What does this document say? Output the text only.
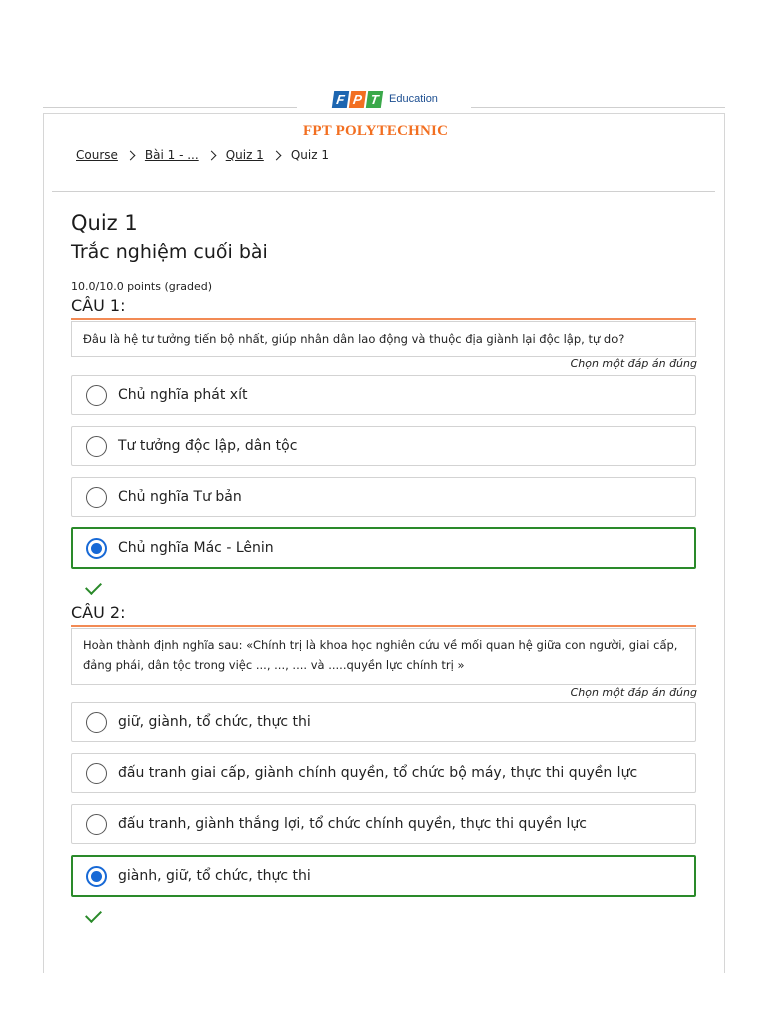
F P T Education
FPT POLYTECHNIC
Course Bài 1 - ... Quiz 1 Quiz 1
Quiz 1
Trắc nghiệm cuối bài
10.0/10.0 points (graded)
CÂU 1:
Đâu là hệ tư tưởng tiến bộ nhất, giúp nhân dân lao động và thuộc địa giành lại độc lập, tự do?
Chọn một đáp án đúng
Chủ nghĩa phát xít
Tư tưởng độc lập, dân tộc
Chủ nghĩa Tư bản
Chủ nghĩa Mác - Lênin
CÂU 2:
Hoàn thành định nghĩa sau: «Chính trị là khoa học nghiên cứu về mối quan hệ giữa con người, giai cấp, đảng phái, dân tộc trong việc ..., ..., .... và .....quyền lực chính trị »
Chọn một đáp án đúng
giữ, giành, tổ chức, thực thi
đấu tranh giai cấp, giành chính quyền, tổ chức bộ máy, thực thi quyền lực
đấu tranh, giành thắng lợi, tổ chức chính quyền, thực thi quyền lực
giành, giữ, tổ chức, thực thi
